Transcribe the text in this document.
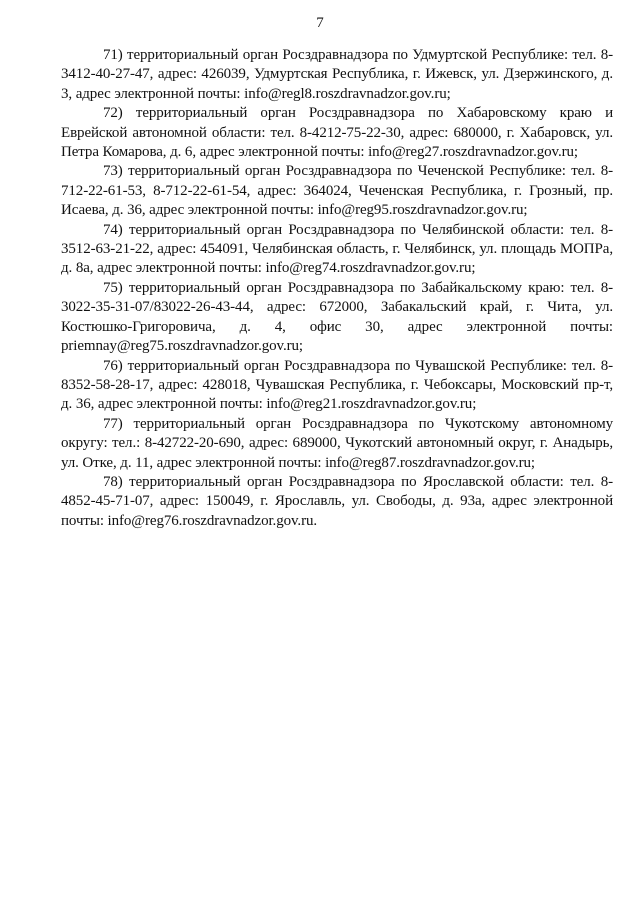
7

71) территориальный орган Росздравнадзора по Удмуртской Республике: тел. 8-3412-40-27-47, адрес: 426039, Удмуртская Республика, г. Ижевск, ул. Дзержинского, д. 3, адрес электронной почты: info@regl8.roszdravnadzor.gov.ru;

72) территориальный орган Росздравнадзора по Хабаровскому краю и Еврейской автономной области: тел. 8-4212-75-22-30, адрес: 680000, г. Хабаровск, ул. Петра Комарова, д. 6, адрес электронной почты: info@reg27.roszdravnadzor.gov.ru;

73) территориальный орган Росздравнадзора по Чеченской Республике: тел. 8-712-22-61-53, 8-712-22-61-54, адрес: 364024, Чеченская Республика, г. Грозный, пр. Исаева, д. 36, адрес электронной почты: info@reg95.roszdravnadzor.gov.ru;

74) территориальный орган Росздравнадзора по Челябинской области: тел. 8-3512-63-21-22, адрес: 454091, Челябинская область, г. Челябинск, ул. площадь МОПРа, д. 8а, адрес электронной почты: info@reg74.roszdravnadzor.gov.ru;

75) территориальный орган Росздравнадзора по Забайкальскому краю: тел. 8-3022-35-31-07/83022-26-43-44, адрес: 672000, Забакальский край, г. Чита, ул. Костюшко-Григоровича, д. 4, офис 30, адрес электронной почты: priemnay@reg75.roszdravnadzor.gov.ru;

76) территориальный орган Росздравнадзора по Чувашской Республике: тел. 8-8352-58-28-17, адрес: 428018, Чувашская Республика, г. Чебоксары, Московский пр-т, д. 36, адрес электронной почты: info@reg21.roszdravnadzor.gov.ru;

77) территориальный орган Росздравнадзора по Чукотскому автономному округу: тел.: 8-42722-20-690, адрес: 689000, Чукотский автономный округ, г. Анадырь, ул. Отке, д. 11, адрес электронной почты: info@reg87.roszdravnadzor.gov.ru;

78) территориальный орган Росздравнадзора по Ярославской области: тел. 8-4852-45-71-07, адрес: 150049, г. Ярославль, ул. Свободы, д. 93а, адрес электронной почты: info@reg76.roszdravnadzor.gov.ru.
